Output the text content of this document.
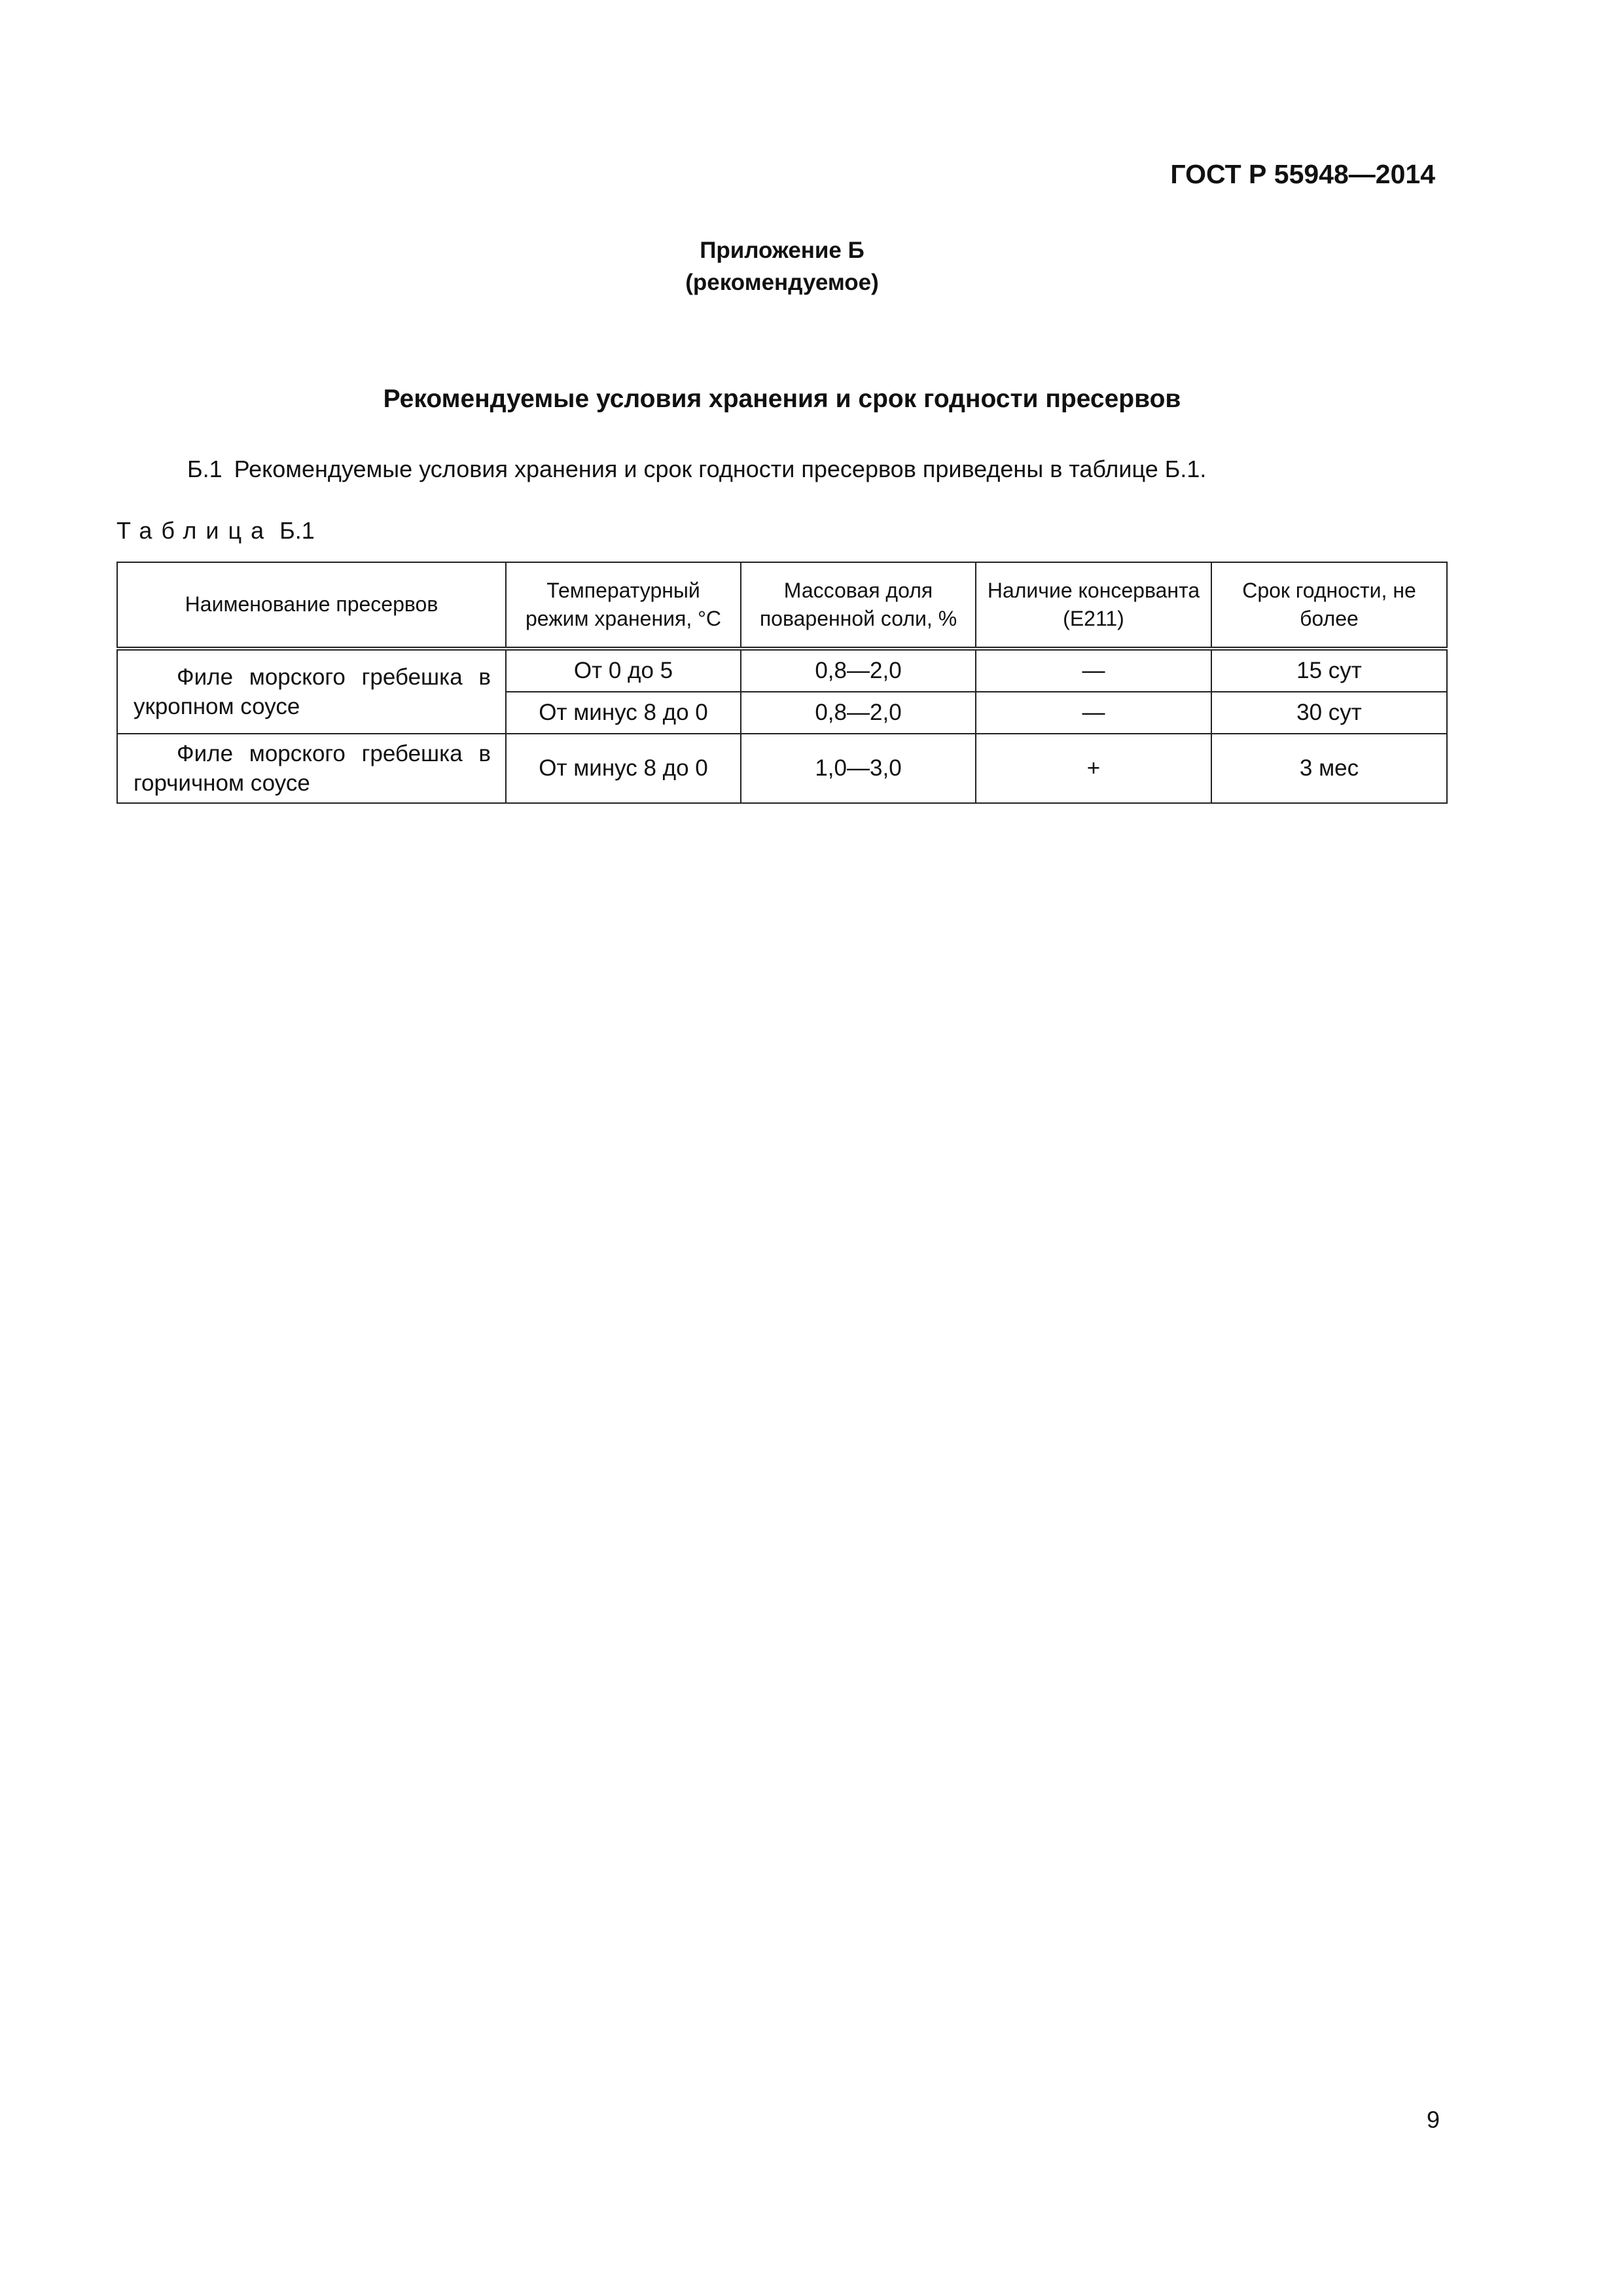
ГОСТ Р 55948—2014
Приложение Б
(рекомендуемое)
Рекомендуемые условия хранения и срок годности пресервов
Б.1 Рекомендуемые условия хранения и срок годности пресервов приведены в таблице Б.1.
Таблица Б.1
Наименование пресервов	Температурный режим хранения, °С	Массовая доля поваренной соли, %	Наличие консерванта (E211)	Срок годности, не более

Филе морского гребешка в укропном соусе	От 0 до 5	0,8—2,0	—	15 сут
	От минус 8 до 0	0,8—2,0	—	30 сут

Филе морского гребешка в горчичном соусе	От минус 8 до 0	1,0—3,0	+	3 мес
9
